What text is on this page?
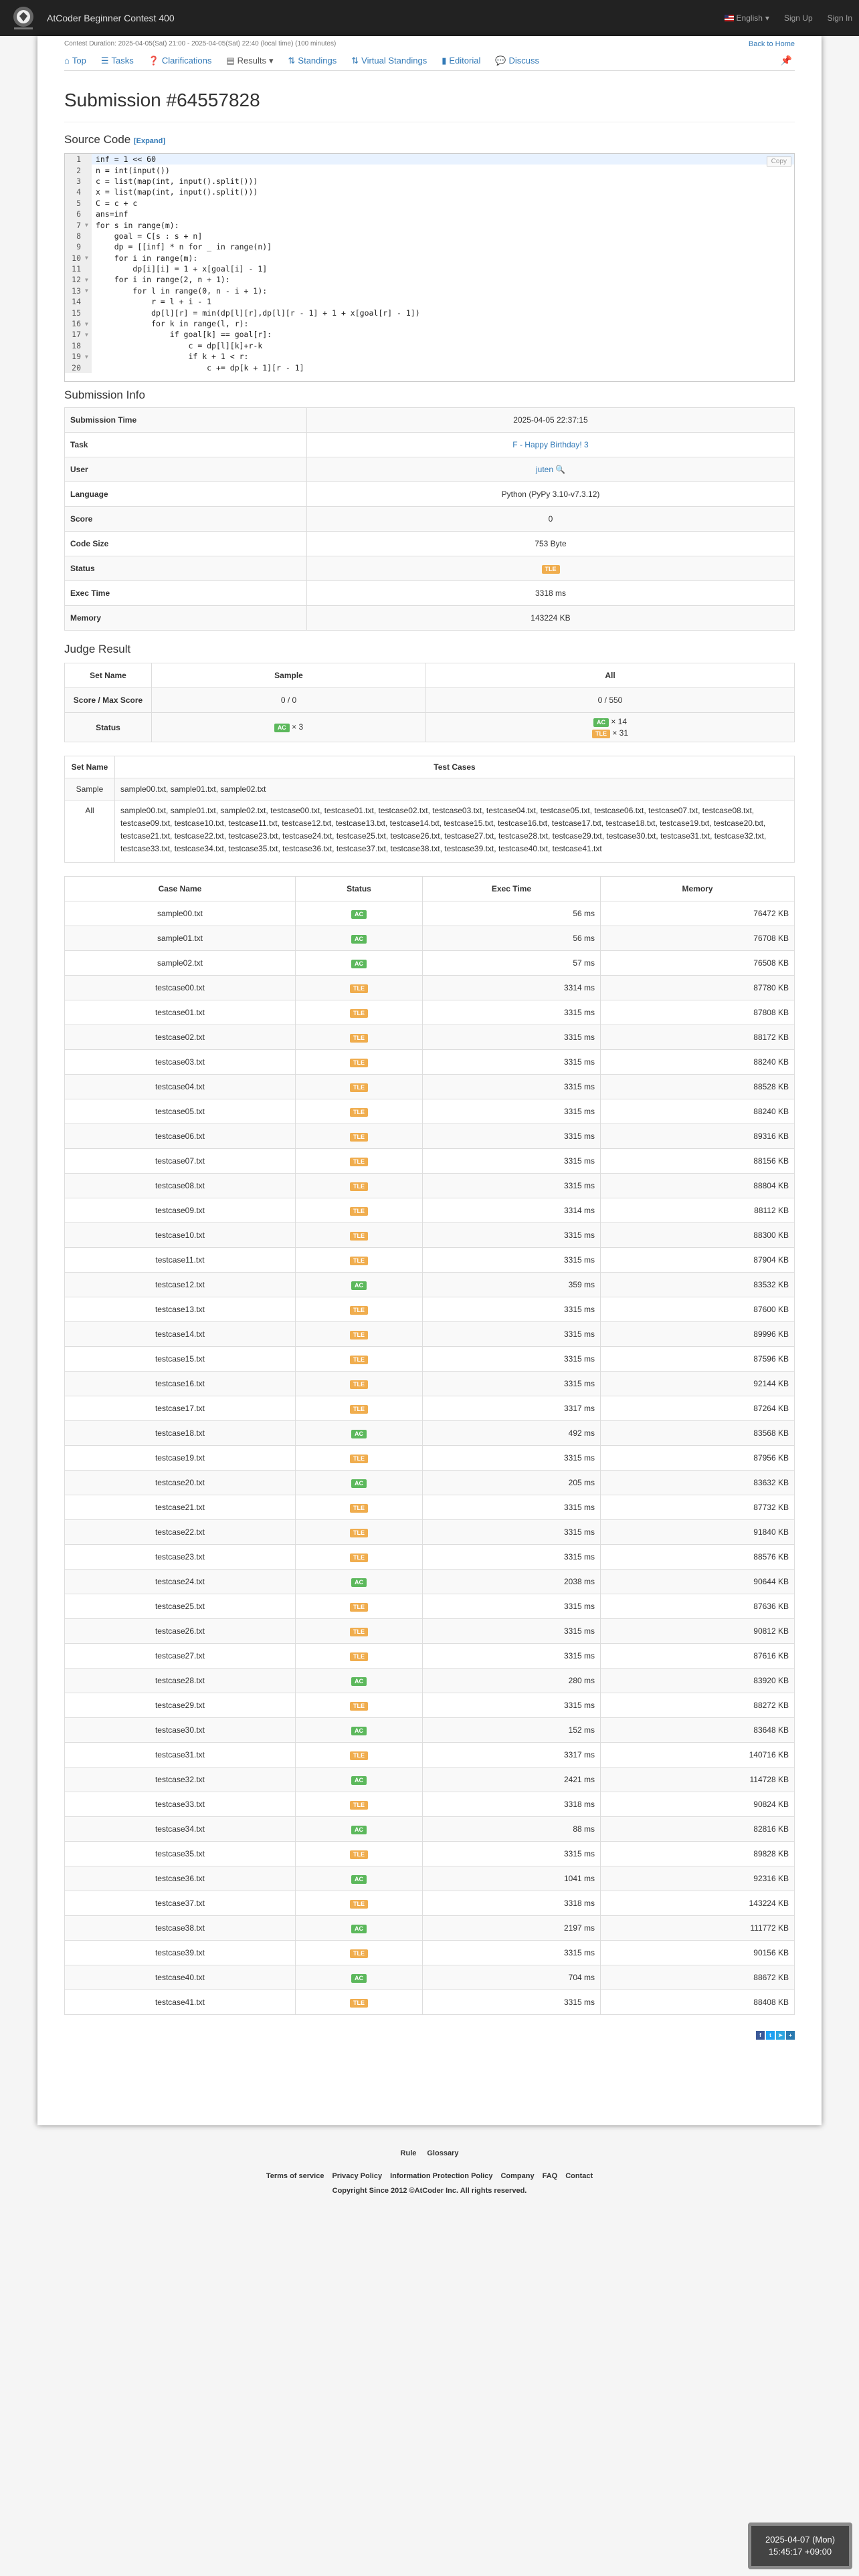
AtCoder Beginner Contest 400	English ▾ Sign Up Sign In
Contest Duration: 2025-04-05(Sat) 21:00 - 2025-04-05(Sat) 22:40 (local time) (100 minutes)	Back to Home
⌂ Top ☰ Tasks ❓ Clarifications ▤ Results ▾ ⇅ Standings ⇅ Virtual Standings ▮ Editorial 💬 Discuss	📌
Submission #64557828
Source Code [Expand]
Copy
1	inf = 1 << 60
2	n = int(input())
3	c = list(map(int, input().split()))
4	x = list(map(int, input().split()))
5	C = c + c
6	ans=inf
7 ▼ for s in range(m):
8	goal = C[s : s + n]
9	dp = [[inf] * n for _ in range(n)]
10 ▼ for i in range(m):
11	dp[i][i] = 1 + x[goal[i] - 1]
12 ▼ for i in range(2, n + 1):
13 ▼ for l in range(0, n - i + 1):
14	r = l + i - 1
15	dp[l][r] = min(dp[l][r],dp[l][r - 1] + 1 + x[goal[r] - 1])
16 ▼ for k in range(l, r):
17 ▼ if goal[k] == goal[r]:
18	c = dp[l][k]+r-k
19 ▼ if k + 1 < r:
20	c += dp[k + 1][r - 1]
Submission Info
Submission Time	2025-04-05 22:37:15
Task	F - Happy Birthday! 3
User	juten 🔍
Language	Python (PyPy 3.10-v7.3.12)
Score	0
Code Size	753 Byte
Status	TLE
Exec Time	3318 ms
Memory	143224 KB
Judge Result
Set Name	Sample	All
Score / Max Score	0 / 0	0 / 550
Status	AC × 3	AC × 14
TLE × 31
Set Name	Test Cases
Sample	sample00.txt, sample01.txt, sample02.txt
All	sample00.txt, sample01.txt, sample02.txt, testcase00.txt, testcase01.txt, testcase02.txt, testcase03.txt, testcase04.txt, testcase05.txt, testcase06.txt, testcase07.txt, testcase08.txt, testcase09.txt, testcase10.txt, testcase11.txt, testcase12.txt, testcase13.txt, testcase14.txt, testcase15.txt, testcase16.txt, testcase17.txt, testcase18.txt, testcase19.txt, testcase20.txt, testcase21.txt, testcase22.txt, testcase23.txt, testcase24.txt, testcase25.txt, testcase26.txt, testcase27.txt, testcase28.txt, testcase29.txt, testcase30.txt, testcase31.txt, testcase32.txt, testcase33.txt, testcase34.txt, testcase35.txt, testcase36.txt, testcase37.txt, testcase38.txt, testcase39.txt, testcase40.txt, testcase41.txt
Case Name	Status	Exec Time	Memory
sample00.txt	AC	56 ms	76472 KB
sample01.txt	AC	56 ms	76708 KB
sample02.txt	AC	57 ms	76508 KB
testcase00.txt	TLE	3314 ms	87780 KB
testcase01.txt	TLE	3315 ms	87808 KB
testcase02.txt	TLE	3315 ms	88172 KB
testcase03.txt	TLE	3315 ms	88240 KB
testcase04.txt	TLE	3315 ms	88528 KB
testcase05.txt	TLE	3315 ms	88240 KB
testcase06.txt	TLE	3315 ms	89316 KB
testcase07.txt	TLE	3315 ms	88156 KB
testcase08.txt	TLE	3315 ms	88804 KB
testcase09.txt	TLE	3314 ms	88112 KB
testcase10.txt	TLE	3315 ms	88300 KB
testcase11.txt	TLE	3315 ms	87904 KB
testcase12.txt	AC	359 ms	83532 KB
testcase13.txt	TLE	3315 ms	87600 KB
testcase14.txt	TLE	3315 ms	89996 KB
testcase15.txt	TLE	3315 ms	87596 KB
testcase16.txt	TLE	3315 ms	92144 KB
testcase17.txt	TLE	3317 ms	87264 KB
testcase18.txt	AC	492 ms	83568 KB
testcase19.txt	TLE	3315 ms	87956 KB
testcase20.txt	AC	205 ms	83632 KB
testcase21.txt	TLE	3315 ms	87732 KB
testcase22.txt	TLE	3315 ms	91840 KB
testcase23.txt	TLE	3315 ms	88576 KB
testcase24.txt	AC	2038 ms	90644 KB
testcase25.txt	TLE	3315 ms	87636 KB
testcase26.txt	TLE	3315 ms	90812 KB
testcase27.txt	TLE	3315 ms	87616 KB
testcase28.txt	AC	280 ms	83920 KB
testcase29.txt	TLE	3315 ms	88272 KB
testcase30.txt	AC	152 ms	83648 KB
testcase31.txt	TLE	3317 ms	140716 KB
testcase32.txt	AC	2421 ms	114728 KB
testcase33.txt	TLE	3318 ms	90824 KB
testcase34.txt	AC	88 ms	82816 KB
testcase35.txt	TLE	3315 ms	89828 KB
testcase36.txt	AC	1041 ms	92316 KB
testcase37.txt	TLE	3318 ms	143224 KB
testcase38.txt	AC	2197 ms	111772 KB
testcase39.txt	TLE	3315 ms	90156 KB
testcase40.txt	AC	704 ms	88672 KB
testcase41.txt	TLE	3315 ms	88408 KB
f	t	➤	+
Rule Glossary
Terms of service Privacy Policy Information Protection Policy Company FAQ Contact
Copyright Since 2012 ©AtCoder Inc. All rights reserved.
2025-04-07 (Mon)
15:45:17 +09:00
